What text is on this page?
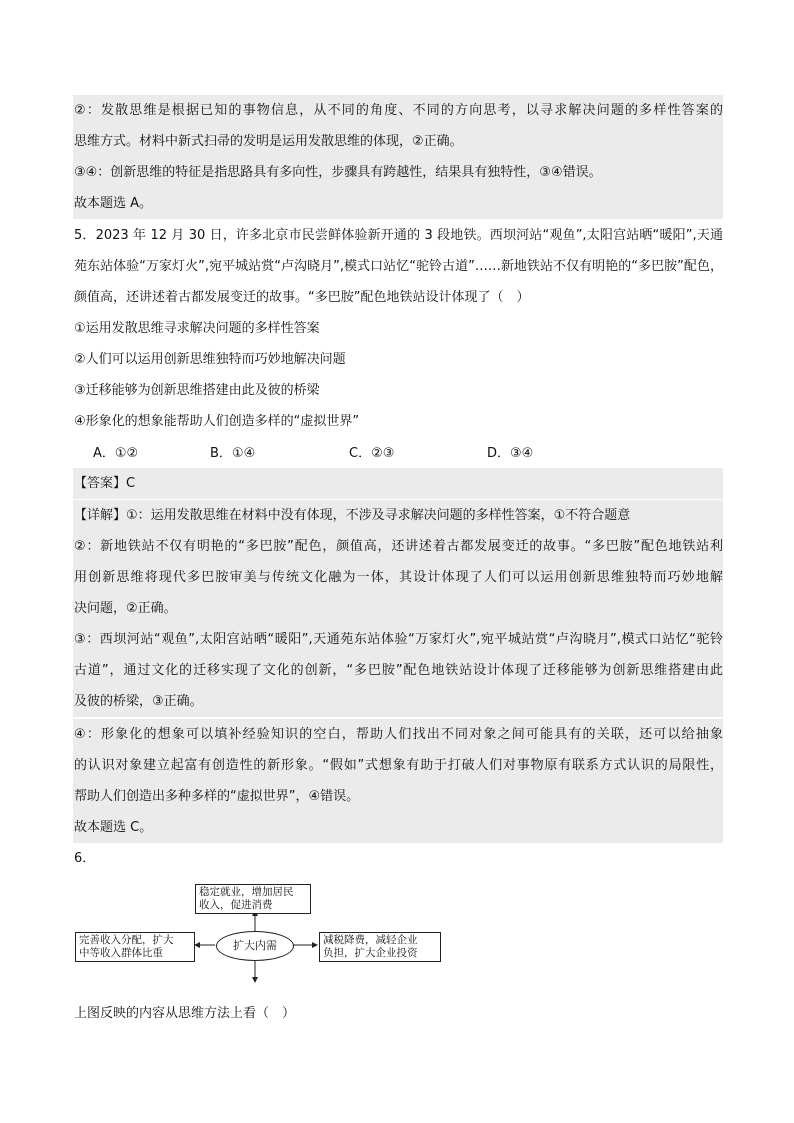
②：发散思维是根据已知的事物信息，从不同的角度、不同的方向思考，以寻求解决问题的多样性答案的
思维方式。材料中新式扫帚的发明是运用发散思维的体现，②正确。
③④：创新思维的特征是指思路具有多向性，步骤具有跨越性，结果具有独特性，③④错误。
故本题选 A。
5．2023 年 12 月 30 日，许多北京市民尝鲜体验新开通的 3 段地铁。西坝河站“观鱼”,太阳宫站晒“暖阳”,天通
苑东站体验“万家灯火”,宛平城站赏“卢沟晓月”,模式口站忆“驼铃古道”……新地铁站不仅有明艳的“多巴胺”配色，
颜值高，还讲述着古都发展变迁的故事。“多巴胺”配色地铁站设计体现了（　）
①运用发散思维寻求解决问题的多样性答案
②人们可以运用创新思维独特而巧妙地解决问题
③迁移能够为创新思维搭建由此及彼的桥梁
④形象化的想象能帮助人们创造多样的“虚拟世界”
【答案】C
【详解】①：运用发散思维在材料中没有体现，不涉及寻求解决问题的多样性答案，①不符合题意
②：新地铁站不仅有明艳的“多巴胺”配色，颜值高，还讲述着古都发展变迁的故事。“多巴胺”配色地铁站利
用创新思维将现代多巴胺审美与传统文化融为一体，其设计体现了人们可以运用创新思维独特而巧妙地解
决问题，②正确。
③：西坝河站“观鱼”,太阳宫站晒“暖阳”,天通苑东站体验“万家灯火”,宛平城站赏“卢沟晓月”,模式口站忆“驼铃
古道”，通过文化的迁移实现了文化的创新，“多巴胺”配色地铁站设计体现了迁移能够为创新思维搭建由此
及彼的桥梁，③正确。
④：形象化的想象可以填补经验知识的空白，帮助人们找出不同对象之间可能具有的关联，还可以给抽象
的认识对象建立起富有创造性的新形象。“假如”式想象有助于打破人们对事物原有联系方式认识的局限性，
帮助人们创造出多种多样的“虚拟世界”，④错误。
故本题选 C。
6．
A．①②	B．①④	C．②③	D．③④
稳定就业，增加居民
收入，促进消费
完善收入分配，扩大
中等收入群体比重
扩大内需	减税降费，减轻企业
负担，扩大企业投资
上图反映的内容从思维方法上看（　）
